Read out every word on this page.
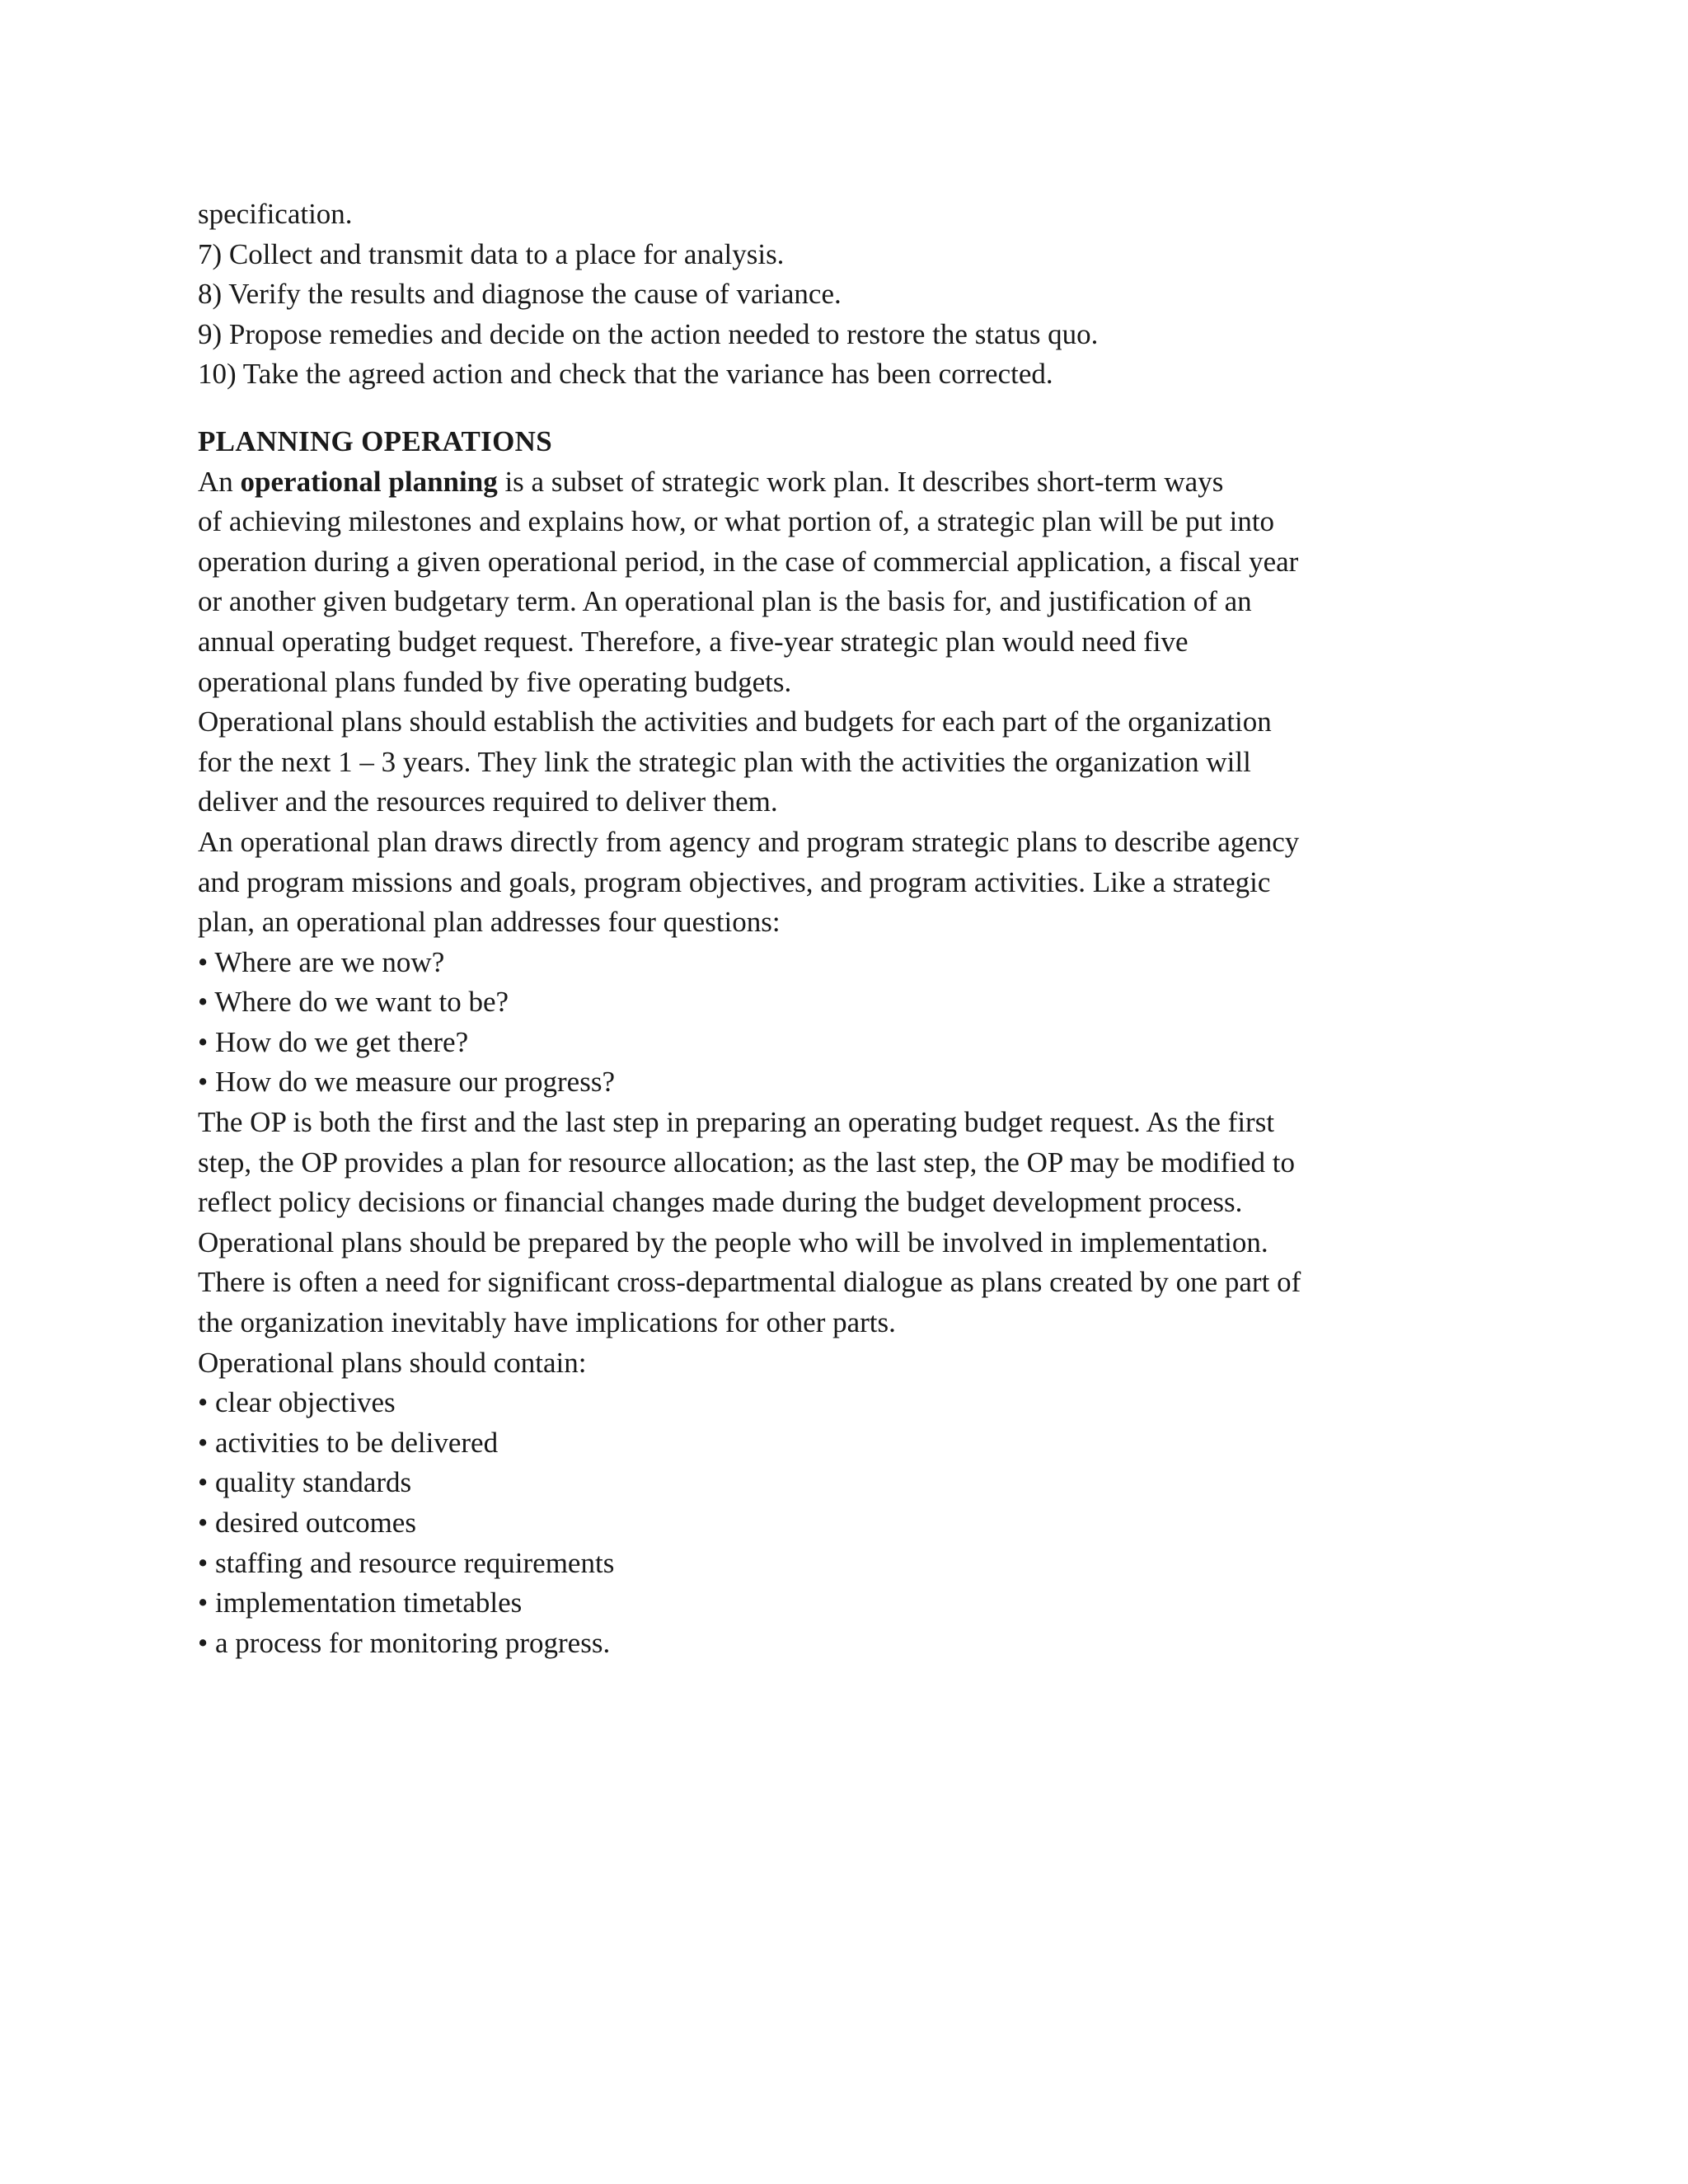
specification.
7) Collect and transmit data to a place for analysis.
8) Verify the results and diagnose the cause of variance.
9) Propose remedies and decide on the action needed to restore the status quo.
10) Take the agreed action and check that the variance has been corrected.
PLANNING OPERATIONS
An operational planning is a subset of strategic work plan. It describes short-term ways
of achieving milestones and explains how, or what portion of, a strategic plan will be put into
operation during a given operational period, in the case of commercial application, a fiscal year
or another given budgetary term. An operational plan is the basis for, and justification of an
annual operating budget request. Therefore, a five-year strategic plan would need five
operational plans funded by five operating budgets.
Operational plans should establish the activities and budgets for each part of the organization
for the next 1 – 3 years. They link the strategic plan with the activities the organization will
deliver and the resources required to deliver them.
An operational plan draws directly from agency and program strategic plans to describe agency
and program missions and goals, program objectives, and program activities. Like a strategic
plan, an operational plan addresses four questions:
• Where are we now?
• Where do we want to be?
• How do we get there?
• How do we measure our progress?
The OP is both the first and the last step in preparing an operating budget request. As the first
step, the OP provides a plan for resource allocation; as the last step, the OP may be modified to
reflect policy decisions or financial changes made during the budget development process.
Operational plans should be prepared by the people who will be involved in implementation.
There is often a need for significant cross-departmental dialogue as plans created by one part of
the organization inevitably have implications for other parts.
Operational plans should contain:
• clear objectives
• activities to be delivered
• quality standards
• desired outcomes
• staffing and resource requirements
• implementation timetables
• a process for monitoring progress.
